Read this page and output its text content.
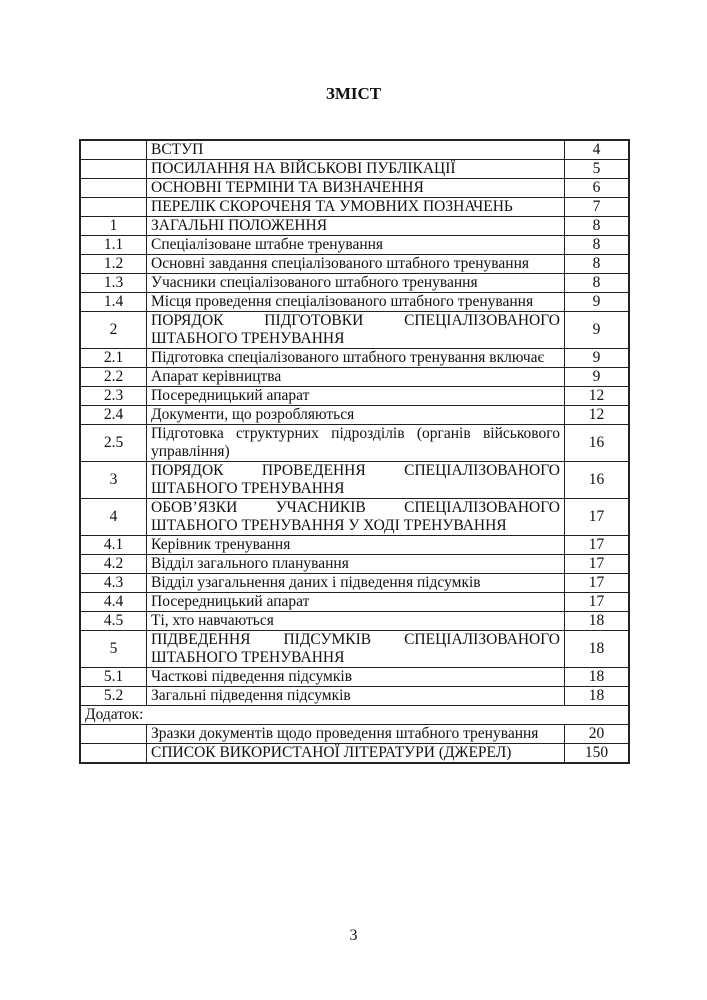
ЗМІСТ
	ВСТУП	4
	ПОСИЛАННЯ НА ВІЙСЬКОВІ ПУБЛІКАЦІЇ	5
	ОСНОВНІ ТЕРМІНИ ТА ВИЗНАЧЕННЯ	6
	ПЕРЕЛІК СКОРОЧЕНЯ ТА УМОВНИХ ПОЗНАЧЕНЬ	7
1	ЗАГАЛЬНІ ПОЛОЖЕННЯ	8
1.1	Спеціалізоване штабне тренування	8
1.2	Основні завдання спеціалізованого штабного тренування	8
1.3	Учасники спеціалізованого штабного тренування	8
1.4	Місця проведення спеціалізованого штабного тренування	9
2	ПОРЯДОК ПІДГОТОВКИ СПЕЦІАЛІЗОВАНОГО ШТАБНОГО ТРЕНУВАННЯ	9
2.1	Підготовка спеціалізованого штабного тренування включає	9
2.2	Апарат керівництва	9
2.3	Посередницький апарат	12
2.4	Документи, що розробляються	12
2.5	Підготовка структурних підрозділів (органів військового управління)	16
3	ПОРЯДОК ПРОВЕДЕННЯ СПЕЦІАЛІЗОВАНОГО ШТАБНОГО ТРЕНУВАННЯ	16
4	ОБОВ’ЯЗКИ УЧАСНИКІВ СПЕЦІАЛІЗОВАНОГО ШТАБНОГО ТРЕНУВАННЯ У ХОДІ ТРЕНУВАННЯ	17
4.1	Керівник тренування	17
4.2	Відділ загального планування	17
4.3	Відділ узагальнення даних і підведення підсумків	17
4.4	Посередницький апарат	17
4.5	Ті, хто навчаються	18
5	ПІДВЕДЕННЯ ПІДСУМКІВ СПЕЦІАЛІЗОВАНОГО ШТАБНОГО ТРЕНУВАННЯ	18
5.1	Часткові підведення підсумків	18
5.2	Загальні підведення підсумків	18
Додаток:		
	Зразки документів щодо проведення штабного тренування	20
	СПИСОК ВИКОРИСТАНОЇ ЛІТЕРАТУРИ (ДЖЕРЕЛ)	150
3
